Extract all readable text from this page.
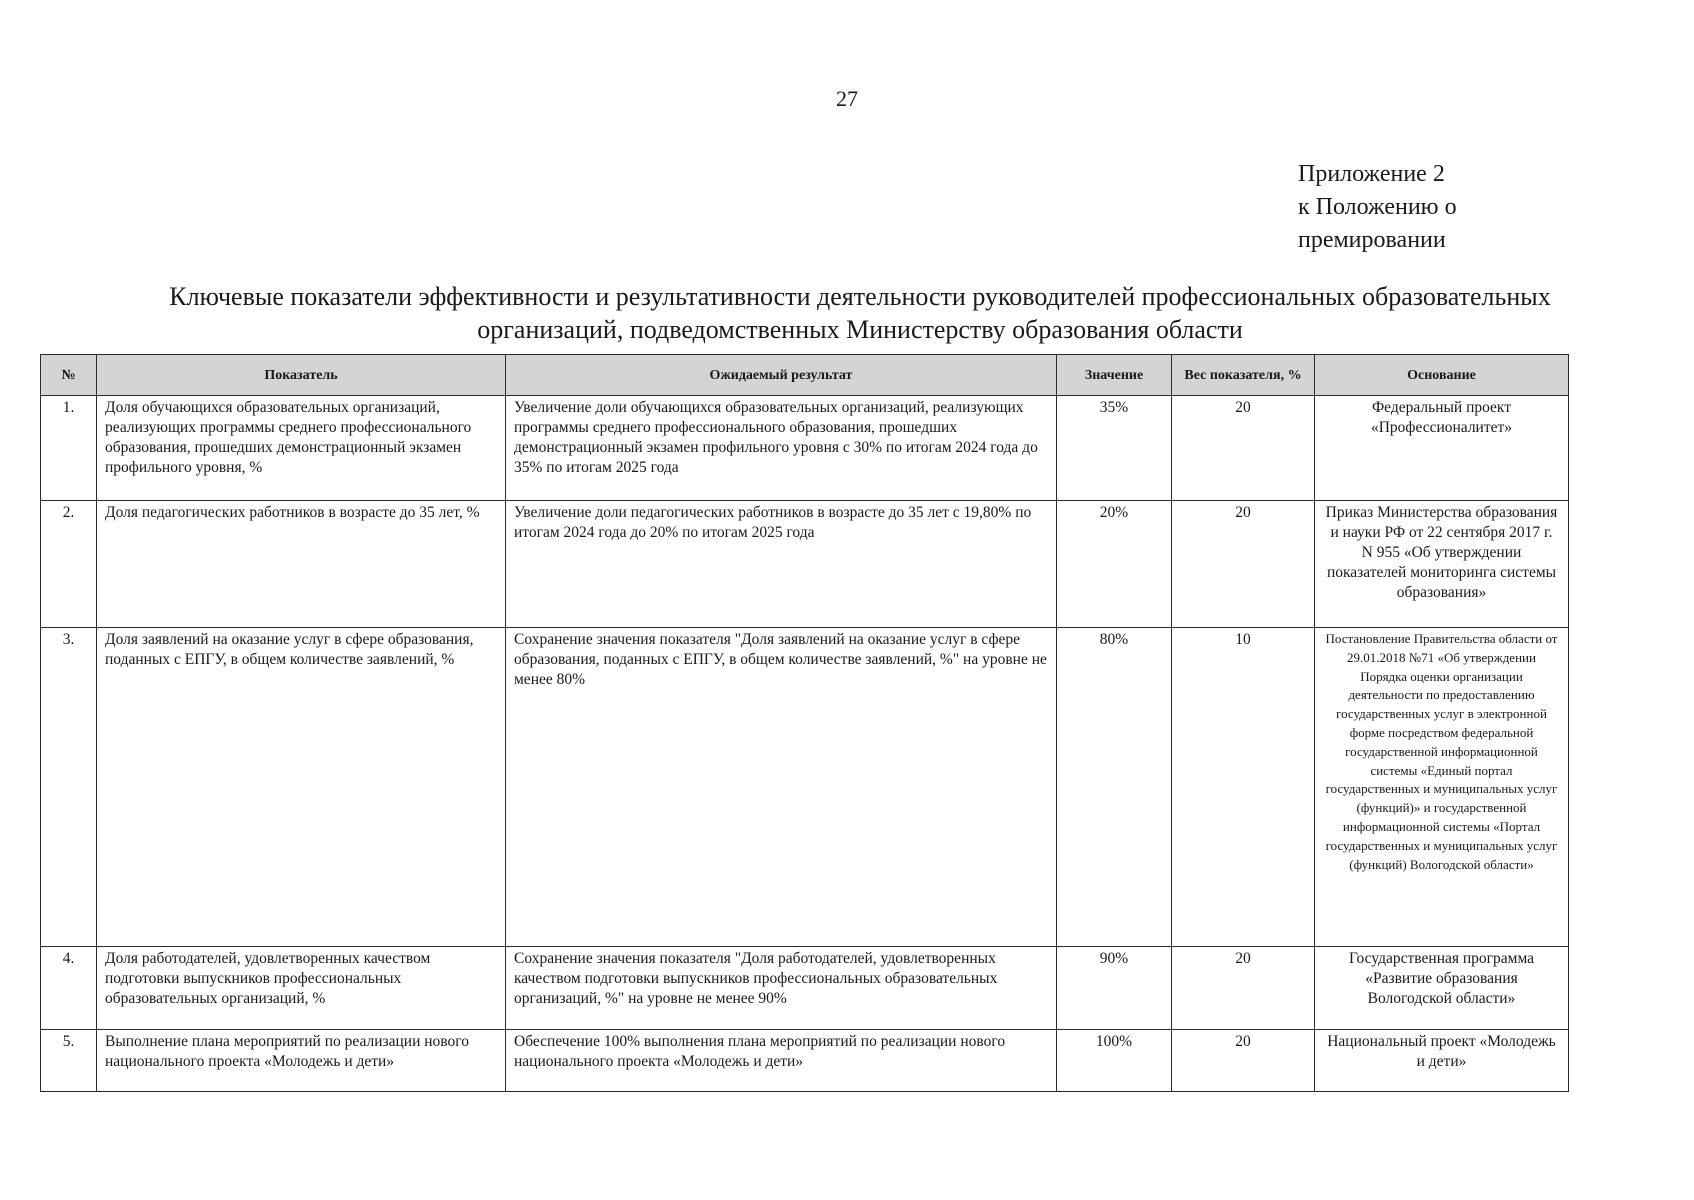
27
Приложение 2
к Положению о
премировании
Ключевые показатели эффективности и результативности деятельности руководителей профессиональных образовательных
организаций, подведомственных Министерству образования области
№	Показатель	Ожидаемый результат	Значение	Вес показателя, %	Основание
1.	Доля обучающихся образовательных организаций, реализующих программы среднего профессионального образования, прошедших демонстрационный экзамен профильного уровня, %	Увеличение доли обучающихся образовательных организаций, реализующих программы среднего профессионального образования, прошедших демонстрационный экзамен профильного уровня с 30% по итогам 2024 года до 35% по итогам 2025 года	35%	20	Федеральный проект «Профессионалитет»
2.	Доля педагогических работников в возрасте до 35 лет, %	Увеличение доли педагогических работников в возрасте до 35 лет с 19,80% по итогам 2024 года до 20% по итогам 2025 года	20%	20	Приказ Министерства образования и науки РФ от 22 сентября 2017 г. N 955 «Об утверждении показателей мониторинга системы образования»
3.	Доля заявлений на оказание услуг в сфере образования, поданных с ЕПГУ, в общем количестве заявлений, %	Сохранение значения показателя "Доля заявлений на оказание услуг в сфере образования, поданных с ЕПГУ, в общем количестве заявлений, %" на уровне не менее 80%	80%	10	Постановление Правительства области от 29.01.2018 №71 «Об утверждении Порядка оценки организации деятельности по предоставлению государственных услуг в электронной форме посредством федеральной государственной информационной системы «Единый портал государственных и муниципальных услуг (функций)» и государственной информационной системы «Портал государственных и муниципальных услуг (функций) Вологодской области»
4.	Доля работодателей, удовлетворенных качеством подготовки выпускников профессиональных образовательных организаций, %	Сохранение значения показателя "Доля работодателей, удовлетворенных качеством подготовки выпускников профессиональных образовательных организаций, %" на уровне не менее 90%	90%	20	Государственная программа «Развитие образования Вологодской области»
5.	Выполнение плана мероприятий по реализации нового национального проекта «Молодежь и дети»	Обеспечение 100% выполнения плана мероприятий по реализации нового национального проекта «Молодежь и дети»	100%	20	Национальный проект «Молодежь и дети»
